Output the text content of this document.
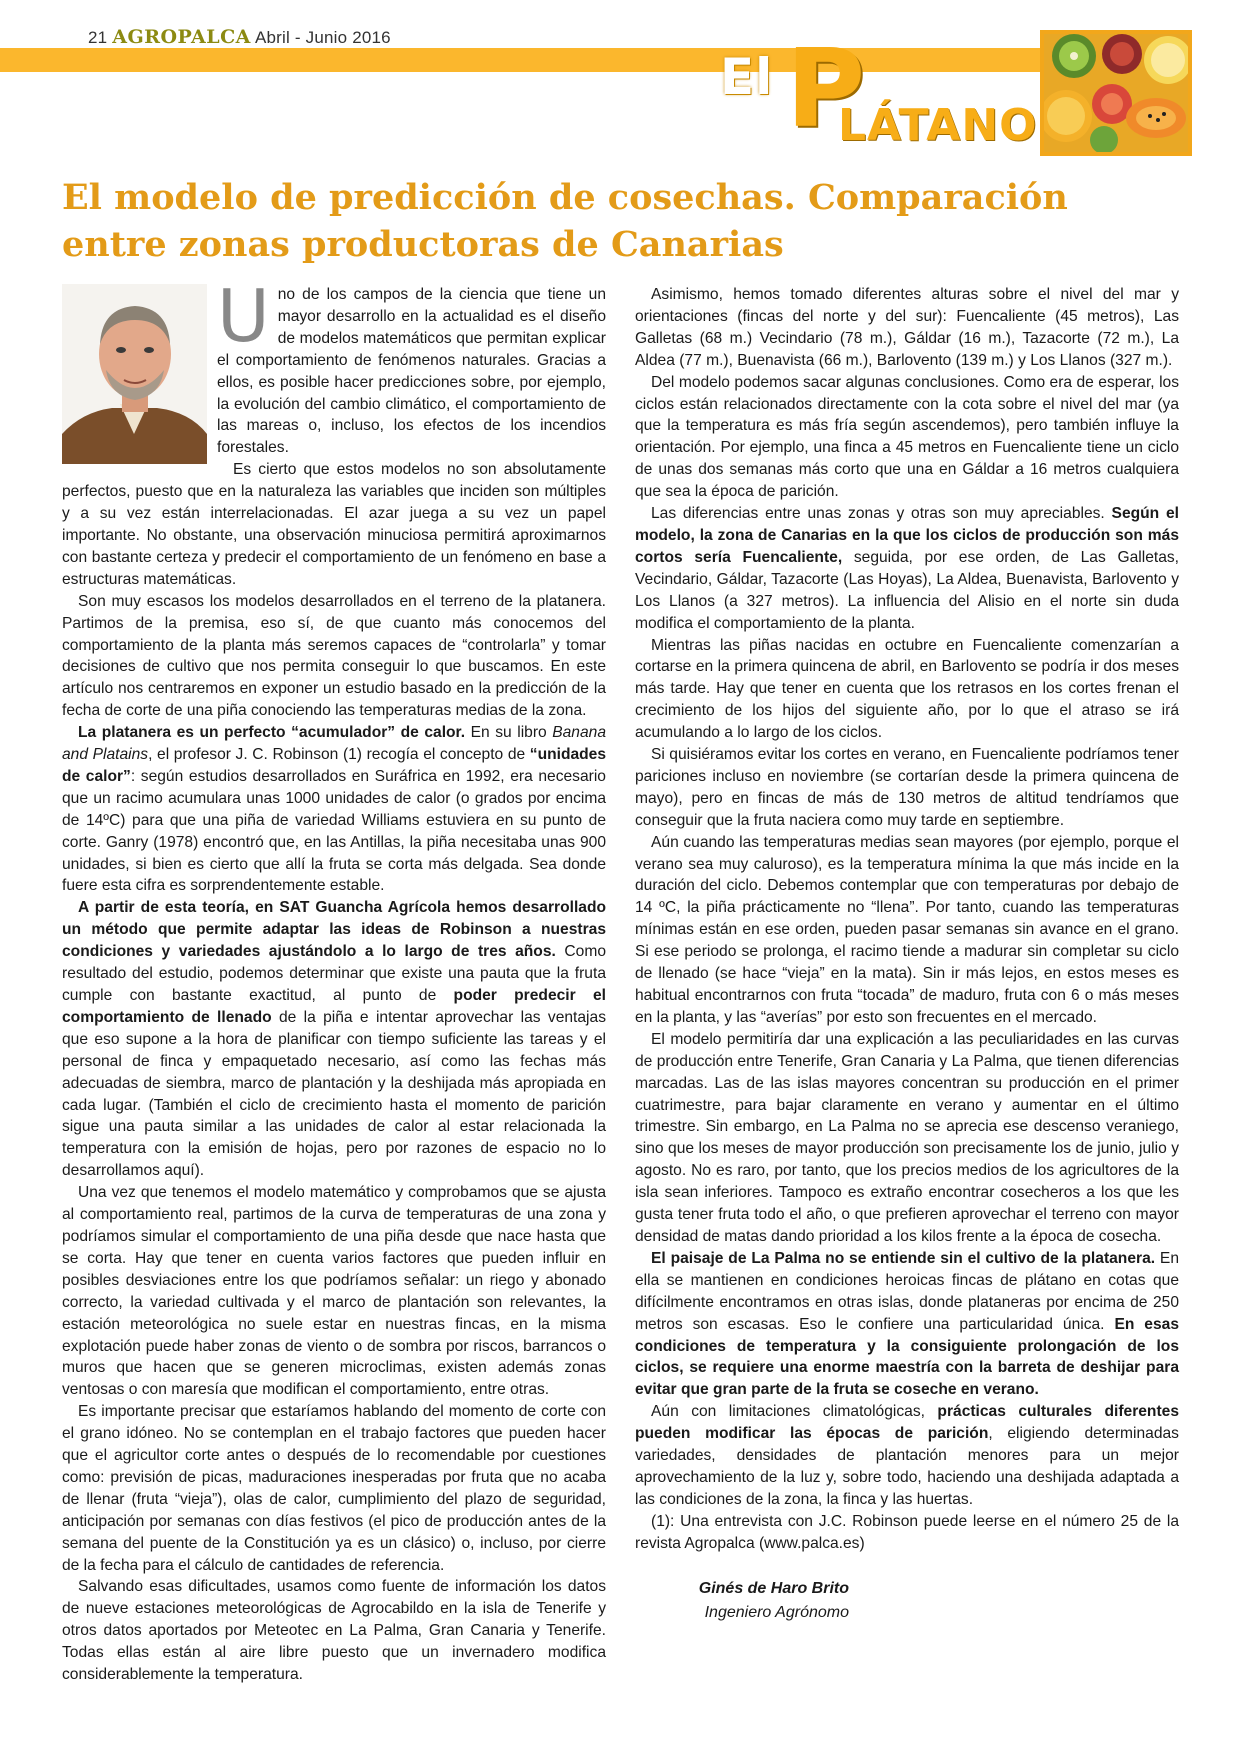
21 AGROPALCA Abril - Junio 2016
El P
LÁTANO
El modelo de predicción de cosechas. Comparación entre zonas productoras de Canarias

U no de los campos de la ciencia que tiene un mayor desarrollo en la actualidad es el diseño de modelos matemáticos que permitan explicar el comportamiento de fenómenos naturales. Gracias a ellos, es posible hacer predicciones sobre, por ejemplo, la evolución del cambio climático, el comportamiento de las mareas o, incluso, los efectos de los incendios forestales.

Es cierto que estos modelos no son absolutamente perfectos, puesto que en la naturaleza las variables que inciden son múltiples y a su vez están interrelacionadas. El azar juega a su vez un papel importante. No obstante, una observación minuciosa permitirá aproximarnos con bastante certeza y predecir el comportamiento de un fenómeno en base a estructuras matemáticas.

Son muy escasos los modelos desarrollados en el terreno de la platanera. Partimos de la premisa, eso sí, de que cuanto más conocemos del comportamiento de la planta más seremos capaces de “controlarla” y tomar decisiones de cultivo que nos permita conseguir lo que buscamos. En este artículo nos centraremos en exponer un estudio basado en la predicción de la fecha de corte de una piña conociendo las temperaturas medias de la zona.

La platanera es un perfecto “acumulador” de calor. En su libro Banana and Platains, el profesor J. C. Robinson (1) recogía el concepto de “unidades de calor”: según estudios desarrollados en Suráfrica en 1992, era necesario que un racimo acumulara unas 1000 unidades de calor (o grados por encima de 14ºC) para que una piña de variedad Williams estuviera en su punto de corte. Ganry (1978) encontró que, en las Antillas, la piña necesitaba unas 900 unidades, si bien es cierto que allí la fruta se corta más delgada. Sea donde fuere esta cifra es sorprendentemente estable.

A partir de esta teoría, en SAT Guancha Agrícola hemos desarrollado un método que permite adaptar las ideas de Robinson a nuestras condiciones y variedades ajustándolo a lo largo de tres años. Como resultado del estudio, podemos determinar que existe una pauta que la fruta cumple con bastante exactitud, al punto de poder predecir el comportamiento de llenado de la piña e intentar aprovechar las ventajas que eso supone a la hora de planificar con tiempo suficiente las tareas y el personal de finca y empaquetado necesario, así como las fechas más adecuadas de siembra, marco de plantación y la deshijada más apropiada en cada lugar. (También el ciclo de crecimiento hasta el momento de parición sigue una pauta similar a las unidades de calor al estar relacionada la temperatura con la emisión de hojas, pero por razones de espacio no lo desarrollamos aquí).

Una vez que tenemos el modelo matemático y comprobamos que se ajusta al comportamiento real, partimos de la curva de temperaturas de una zona y podríamos simular el comportamiento de una piña desde que nace hasta que se corta. Hay que tener en cuenta varios factores que pueden influir en posibles desviaciones entre los que podríamos señalar: un riego y abonado correcto, la variedad cultivada y el marco de plantación son relevantes, la estación meteorológica no suele estar en nuestras fincas, en la misma explotación puede haber zonas de viento o de sombra por riscos, barrancos o muros que hacen que se generen microclimas, existen además zonas ventosas o con maresía que modifican el comportamiento, entre otras.

Es importante precisar que estaríamos hablando del momento de corte con el grano idóneo. No se contemplan en el trabajo factores que pueden hacer que el agricultor corte antes o después de lo recomendable por cuestiones como: previsión de picas, maduraciones inesperadas por fruta que no acaba de llenar (fruta “vieja”), olas de calor, cumplimiento del plazo de seguridad, anticipación por semanas con días festivos (el pico de producción antes de la semana del puente de la Constitución ya es un clásico) o, incluso, por cierre de la fecha para el cálculo de cantidades de referencia.

Salvando esas dificultades, usamos como fuente de información los datos de nueve estaciones meteorológicas de Agrocabildo en la isla de Tenerife y otros datos aportados por Meteotec en La Palma, Gran Canaria y Tenerife. Todas ellas están al aire libre puesto que un invernadero modifica considerablemente la temperatura.

Asimismo, hemos tomado diferentes alturas sobre el nivel del mar y orientaciones (fincas del norte y del sur): Fuencaliente (45 metros), Las Galletas (68 m.) Vecindario (78 m.), Gáldar (16 m.), Tazacorte (72 m.), La Aldea (77 m.), Buenavista (66 m.), Barlovento (139 m.) y Los Llanos (327 m.).

Del modelo podemos sacar algunas conclusiones. Como era de esperar, los ciclos están relacionados directamente con la cota sobre el nivel del mar (ya que la temperatura es más fría según ascendemos), pero también influye la orientación. Por ejemplo, una finca a 45 metros en Fuencaliente tiene un ciclo de unas dos semanas más corto que una en Gáldar a 16 metros cualquiera que sea la época de parición.

Las diferencias entre unas zonas y otras son muy apreciables. Según el modelo, la zona de Canarias en la que los ciclos de producción son más cortos sería Fuencaliente, seguida, por ese orden, de Las Galletas, Vecindario, Gáldar, Tazacorte (Las Hoyas), La Aldea, Buenavista, Barlovento y Los Llanos (a 327 metros). La influencia del Alisio en el norte sin duda modifica el comportamiento de la planta.

Mientras las piñas nacidas en octubre en Fuencaliente comenzarían a cortarse en la primera quincena de abril, en Barlovento se podría ir dos meses más tarde. Hay que tener en cuenta que los retrasos en los cortes frenan el crecimiento de los hijos del siguiente año, por lo que el atraso se irá acumulando a lo largo de los ciclos.

Si quisiéramos evitar los cortes en verano, en Fuencaliente podríamos tener pariciones incluso en noviembre (se cortarían desde la primera quincena de mayo), pero en fincas de más de 130 metros de altitud tendríamos que conseguir que la fruta naciera como muy tarde en septiembre.

Aún cuando las temperaturas medias sean mayores (por ejemplo, porque el verano sea muy caluroso), es la temperatura mínima la que más incide en la duración del ciclo. Debemos contemplar que con temperaturas por debajo de 14 ºC, la piña prácticamente no “llena”. Por tanto, cuando las temperaturas mínimas están en ese orden, pueden pasar semanas sin avance en el grano. Si ese periodo se prolonga, el racimo tiende a madurar sin completar su ciclo de llenado (se hace “vieja” en la mata). Sin ir más lejos, en estos meses es habitual encontrarnos con fruta “tocada” de maduro, fruta con 6 o más meses en la planta, y las “averías” por esto son frecuentes en el mercado.

El modelo permitiría dar una explicación a las peculiaridades en las curvas de producción entre Tenerife, Gran Canaria y La Palma, que tienen diferencias marcadas. Las de las islas mayores concentran su producción en el primer cuatrimestre, para bajar claramente en verano y aumentar en el último trimestre. Sin embargo, en La Palma no se aprecia ese descenso veraniego, sino que los meses de mayor producción son precisamente los de junio, julio y agosto. No es raro, por tanto, que los precios medios de los agricultores de la isla sean inferiores. Tampoco es extraño encontrar cosecheros a los que les gusta tener fruta todo el año, o que prefieren aprovechar el terreno con mayor densidad de matas dando prioridad a los kilos frente a la época de cosecha.

El paisaje de La Palma no se entiende sin el cultivo de la platanera. En ella se mantienen en condiciones heroicas fincas de plátano en cotas que difícilmente encontramos en otras islas, donde plataneras por encima de 250 metros son escasas. Eso le confiere una particularidad única. En esas condiciones de temperatura y la consiguiente prolongación de los ciclos, se requiere una enorme maestría con la barreta de deshijar para evitar que gran parte de la fruta se coseche en verano.

Aún con limitaciones climatológicas, prácticas culturales diferentes pueden modificar las épocas de parición, eligiendo determinadas variedades, densidades de plantación menores para un mejor aprovechamiento de la luz y, sobre todo, haciendo una deshijada adaptada a las condiciones de la zona, la finca y las huertas.

(1): Una entrevista con J.C. Robinson puede leerse en el número 25 de la revista Agropalca (www.palca.es)

Ginés de Haro Brito
Ingeniero Agrónomo
